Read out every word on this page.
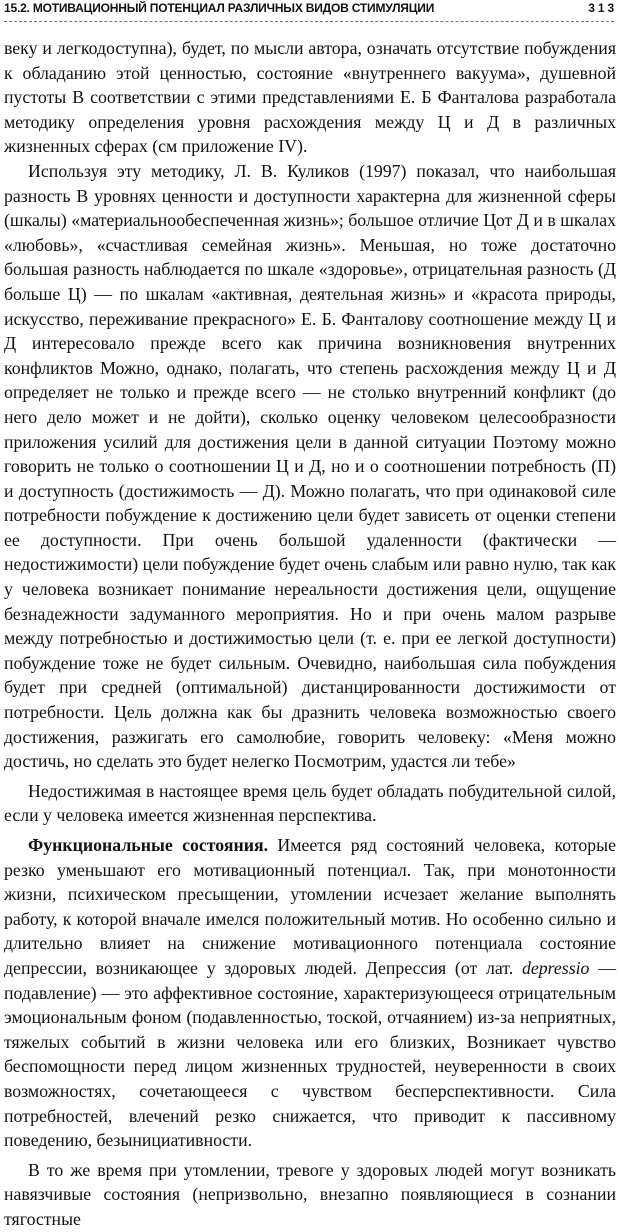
15.2. МОТИВАЦИОННЫЙ ПОТЕНЦИАЛ РАЗЛИЧНЫХ ВИДОВ СТИМУЛЯЦИИ	3 1 3

веку и легкодоступна), будет, по мысли автора, означать отсутствие побуждения к обладанию этой ценностью, состояние «внутреннего вакуума», душевной пустоты В соответствии с этими представлениями Е. Б Фанталова разработала методику определения уровня расхождения между Ц и Д в различных жизненных сферах (см приложение IV).

Используя эту методику, Л. В. Куликов (1997) показал, что наибольшая разность В уровнях ценности и доступности характерна для жизненной сферы (шкалы) «материальнообеспеченная жизнь»; большое отличие Цот Д и в шкалах «любовь», «счастливая семейная жизнь». Меньшая, но тоже достаточно большая разность наблюдается по шкале «здоровье», отрицательная разность (Д больше Ц) — по шкалам «активная, деятельная жизнь» и «красота природы, искусство, переживание прекрасного» Е. Б. Фанталову соотношение между Ц и Д интересовало прежде всего как причина возникновения внутренних конфликтов Можно, однако, полагать, что степень расхождения между Ц и Д определяет не только и прежде всего — не столько внутренний конфликт (до него дело может и не дойти), сколько оценку человеком целесообразности приложения усилий для достижения цели в данной ситуации Поэтому можно говорить не только о соотношении Ц и Д, но и о соотношении потребность (П) и доступность (достижимость — Д). Можно полагать, что при одинаковой силе потребности побуждение к достижению цели будет зависеть от оценки степени ее доступности. При очень большой удаленности (фактически — недостижимости) цели побуждение будет очень слабым или равно нулю, так как у человека возникает понимание нереальности достижения цели, ощущение безнадежности задуманного мероприятия. Но и при очень малом разрыве между потребностью и достижимостью цели (т. е. при ее легкой доступности) побуждение тоже не будет сильным. Очевидно, наибольшая сила побуждения будет при средней (оптимальной) дистанцированности достижимости от потребности. Цель должна как бы дразнить человека возможностью своего достижения, разжигать его самолюбие, говорить человеку: «Меня можно достичь, но сделать это будет нелегко Посмотрим, удастся ли тебе»

Недостижимая в настоящее время цель будет обладать побудительной силой, если у человека имеется жизненная перспектива.

Функциональные состояния. Имеется ряд состояний человека, которые резко уменьшают его мотивационный потенциал. Так, при монотонности жизни, психическом пресыщении, утомлении исчезает желание выполнять работу, к которой вначале имелся положительный мотив. Но особенно сильно и длительно влияет на снижение мотивационного потенциала состояние депрессии, возникающее у здоровых людей. Депрессия (от лат. depressio — подавление) — это аффективное состояние, характеризующееся отрицательным эмоциональным фоном (подавленностью, тоской, отчаянием) из-за неприятных, тяжелых событий в жизни человека или его близких, Возникает чувство беспомощности перед лицом жизненных трудностей, неуверенности в своих возможностях, сочетающееся с чувством бесперспективности. Сила потребностей, влечений резко снижается, что приводит к пассивному поведению, безынициативности.

В то же время при утомлении, тревоге у здоровых людей могут возникать навязчивые состояния (непризвольно, внезапно появляющиеся в сознании тягостные
